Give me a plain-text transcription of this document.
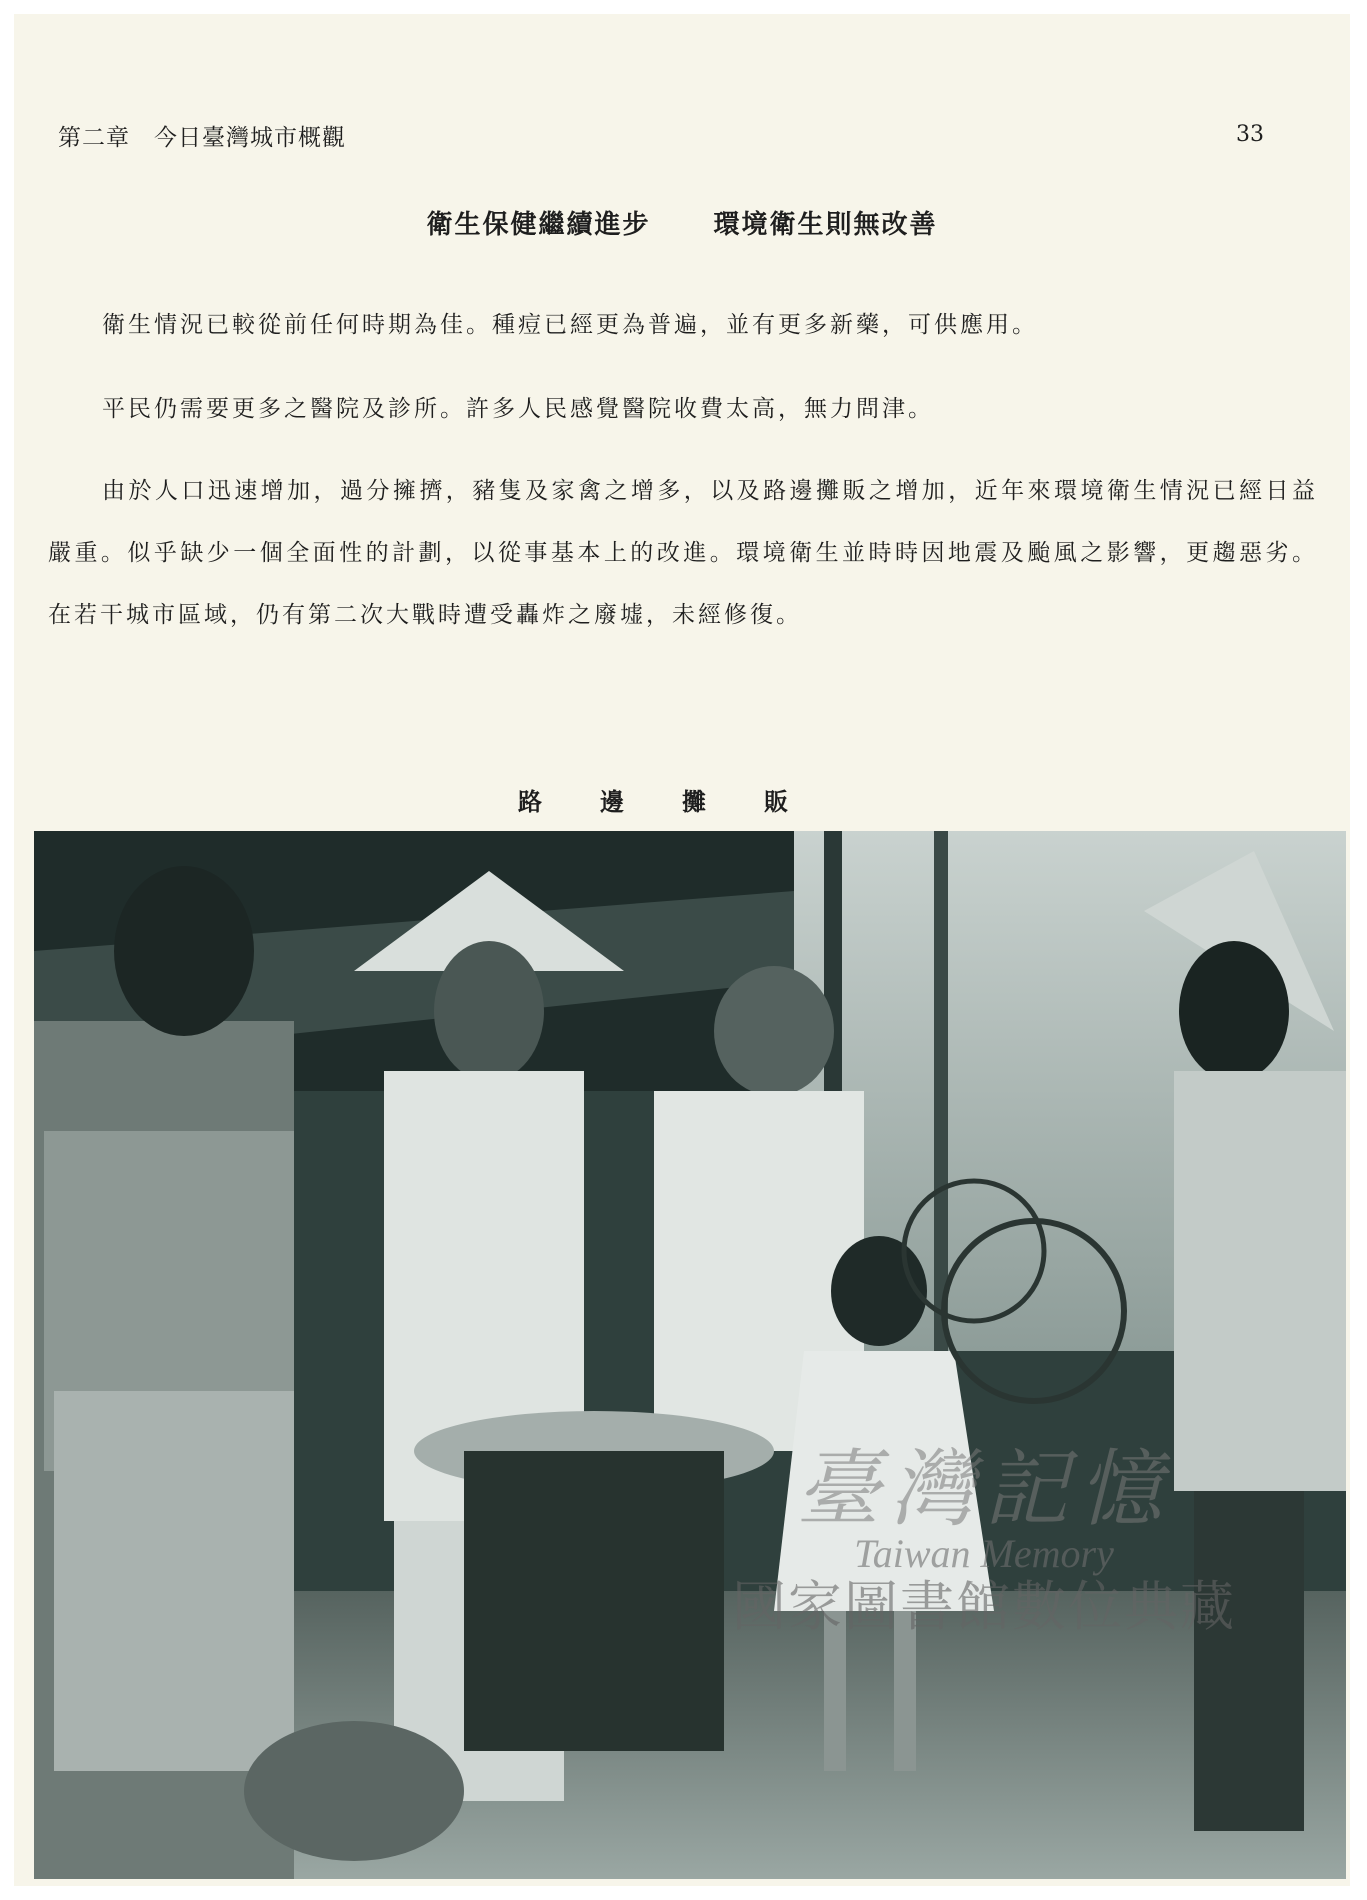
第二章　今日臺灣城市概觀	33
衛生保健繼續進步 環境衛生則無改善

衛生情況已較從前任何時期為佳。種痘已經更為普遍，並有更多新藥，可供應用。

平民仍需要更多之醫院及診所。許多人民感覺醫院收費太高，無力問津。

由於人口迅速增加，過分擁擠，豬隻及家禽之增多，以及路邊攤販之增加，近年來環境衛生情況已經日益嚴重。似乎缺少一個全面性的計劃，以從事基本上的改進。環境衛生並時時因地震及颱風之影響，更趨惡劣。在若干城市區域，仍有第二次大戰時遭受轟炸之廢墟，未經修復。

路邊攤販
臺灣記憶
Taiwan Memory
國家圖書館數位典藏
